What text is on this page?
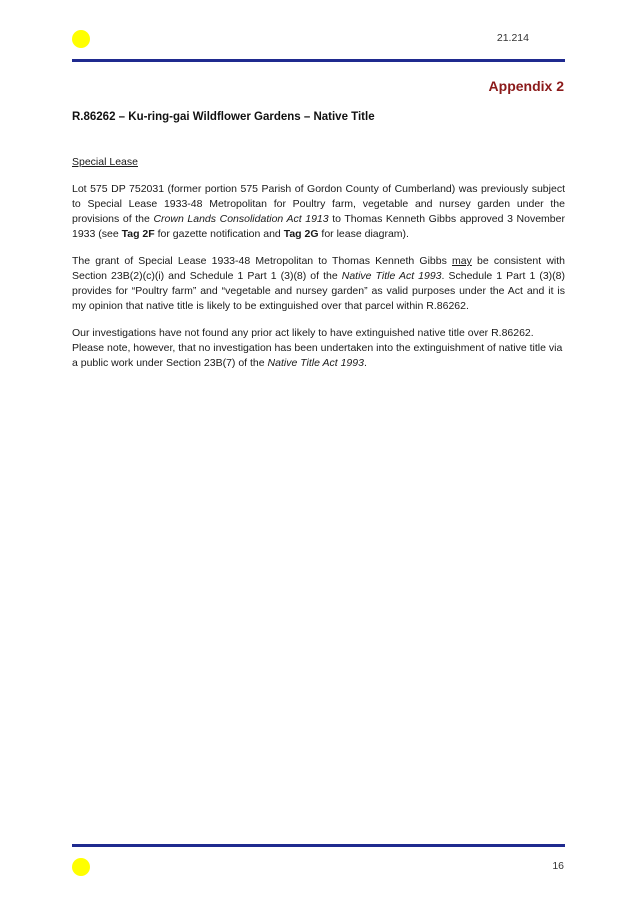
21.214
Appendix 2
R.86262 – Ku-ring-gai Wildflower Gardens – Native Title
Special Lease

Lot 575 DP 752031 (former portion 575 Parish of Gordon County of Cumberland) was previously subject to Special Lease 1933-48 Metropolitan for Poultry farm, vegetable and nursey garden under the provisions of the Crown Lands Consolidation Act 1913 to Thomas Kenneth Gibbs approved 3 November 1933 (see Tag 2F for gazette notification and Tag 2G for lease diagram).

The grant of Special Lease 1933-48 Metropolitan to Thomas Kenneth Gibbs may be consistent with Section 23B(2)(c)(i) and Schedule 1 Part 1 (3)(8) of the Native Title Act 1993. Schedule 1 Part 1 (3)(8) provides for “Poultry farm” and “vegetable and nursey garden” as valid purposes under the Act and it is my opinion that native title is likely to be extinguished over that parcel within R.86262.

Our investigations have not found any prior act likely to have extinguished native title over R.86262. Please note, however, that no investigation has been undertaken into the extinguishment of native title via a public work under Section 23B(7) of the Native Title Act 1993.

16
